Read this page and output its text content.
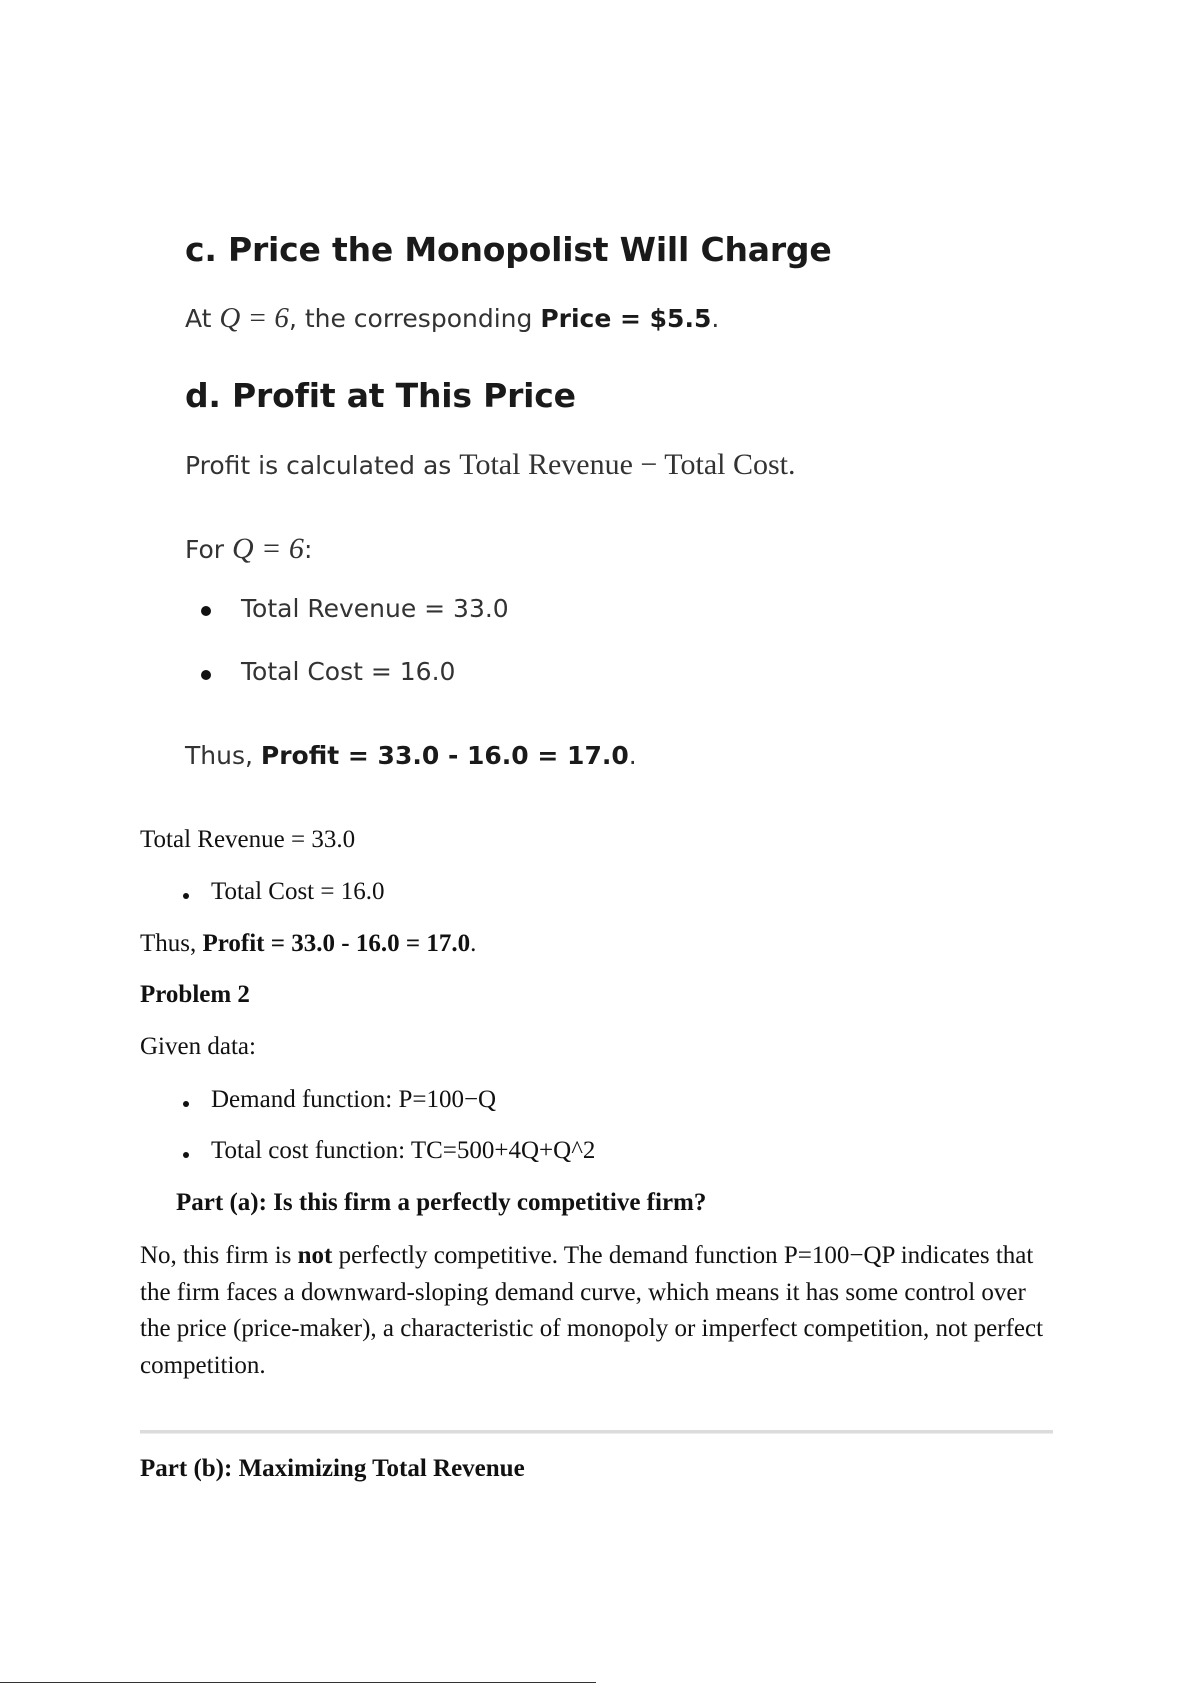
c. Price the Monopolist Will Charge
At Q = 6, the corresponding Price = $5.5.
d. Profit at This Price
Profit is calculated as Total Revenue − Total Cost.
For Q = 6:
Total Revenue = 33.0
Total Cost = 16.0
Thus, Profit = 33.0 - 16.0 = 17.0.
Total Revenue = 33.0
Total Cost = 16.0
Thus, Profit = 33.0 - 16.0 = 17.0.
Problem 2
Given data:
Demand function: P=100−Q
Total cost function: TC=500+4Q+Q^2
Part (a): Is this firm a perfectly competitive firm?
No, this firm is not perfectly competitive. The demand function P=100−QP indicates that the firm faces a downward-sloping demand curve, which means it has some control over the price (price-maker), a characteristic of monopoly or imperfect competition, not perfect competition.
Part (b): Maximizing Total Revenue
